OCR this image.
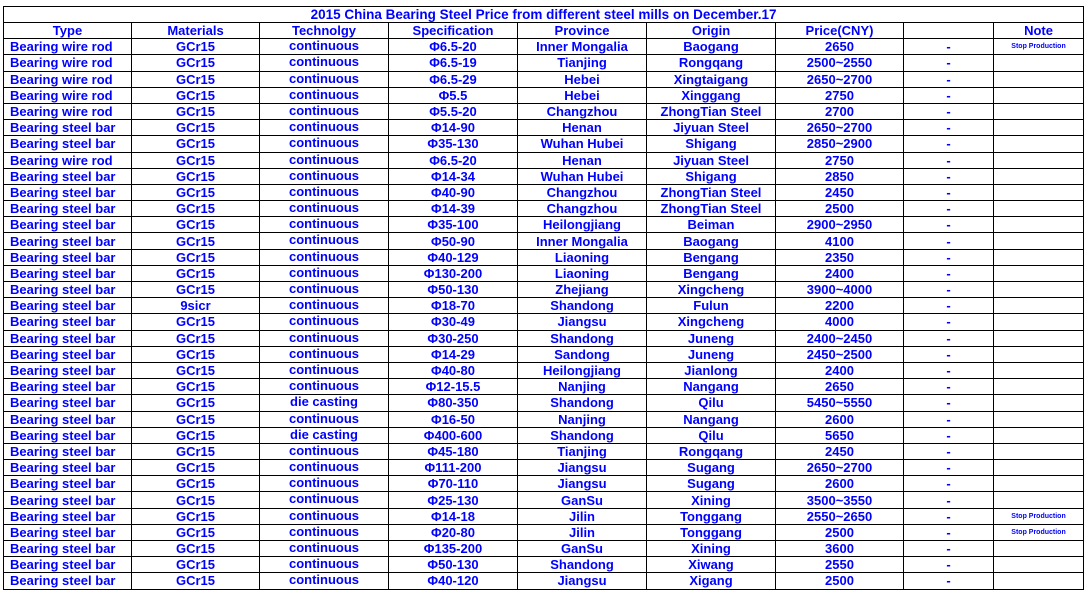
2015 China Bearing Steel Price from different steel mills on December.17								
Type	Materials	Technolgy	Specification	Province	Origin	Price(CNY)		Note
Bearing wire rod	GCr15	continuous	Φ6.5-20	Inner Mongalia	Baogang	2650	-	Stop Production
Bearing wire rod	GCr15	continuous	Φ6.5-19	Tianjing	Rongqang	2500~2550	-	
Bearing wire rod	GCr15	continuous	Φ6.5-29	Hebei	Xingtaigang	2650~2700	-	
Bearing wire rod	GCr15	continuous	Φ5.5	Hebei	Xinggang	2750	-	
Bearing wire rod	GCr15	continuous	Φ5.5-20	Changzhou	ZhongTian Steel	2700	-	
Bearing steel bar	GCr15	continuous	Φ14-90	Henan	Jiyuan Steel	2650~2700	-	
Bearing steel bar	GCr15	continuous	Φ35-130	Wuhan Hubei	Shigang	2850~2900	-	
Bearing wire rod	GCr15	continuous	Φ6.5-20	Henan	Jiyuan Steel	2750	-	
Bearing steel bar	GCr15	continuous	Φ14-34	Wuhan Hubei	Shigang	2850	-	
Bearing steel bar	GCr15	continuous	Φ40-90	Changzhou	ZhongTian Steel	2450	-	
Bearing steel bar	GCr15	continuous	Φ14-39	Changzhou	ZhongTian Steel	2500	-	
Bearing steel bar	GCr15	continuous	Φ35-100	Heilongjiang	Beiman	2900~2950	-	
Bearing steel bar	GCr15	continuous	Φ50-90	Inner Mongalia	Baogang	4100	-	
Bearing steel bar	GCr15	continuous	Φ40-129	Liaoning	Bengang	2350	-	
Bearing steel bar	GCr15	continuous	Φ130-200	Liaoning	Bengang	2400	-	
Bearing steel bar	GCr15	continuous	Φ50-130	Zhejiang	Xingcheng	3900~4000	-	
Bearing steel bar	9sicr	continuous	Φ18-70	Shandong	Fulun	2200	-	
Bearing steel bar	GCr15	continuous	Φ30-49	Jiangsu	Xingcheng	4000	-	
Bearing steel bar	GCr15	continuous	Φ30-250	Shandong	Juneng	2400~2450	-	
Bearing steel bar	GCr15	continuous	Φ14-29	Sandong	Juneng	2450~2500	-	
Bearing steel bar	GCr15	continuous	Φ40-80	Heilongjiang	Jianlong	2400	-	
Bearing steel bar	GCr15	continuous	Φ12-15.5	Nanjing	Nangang	2650	-	
Bearing steel bar	GCr15	die casting	Φ80-350	Shandong	Qilu	5450~5550	-	
Bearing steel bar	GCr15	continuous	Φ16-50	Nanjing	Nangang	2600	-	
Bearing steel bar	GCr15	die casting	Φ400-600	Shandong	Qilu	5650	-	
Bearing steel bar	GCr15	continuous	Φ45-180	Tianjing	Rongqang	2450	-	
Bearing steel bar	GCr15	continuous	Φ111-200	Jiangsu	Sugang	2650~2700	-	
Bearing steel bar	GCr15	continuous	Φ70-110	Jiangsu	Sugang	2600	-	
Bearing steel bar	GCr15	continuous	Φ25-130	GanSu	Xining	3500~3550	-	
Bearing steel bar	GCr15	continuous	Φ14-18	Jilin	Tonggang	2550~2650	-	Stop Production
Bearing steel bar	GCr15	continuous	Φ20-80	Jilin	Tonggang	2500	-	Stop Production
Bearing steel bar	GCr15	continuous	Φ135-200	GanSu	Xining	3600	-	
Bearing steel bar	GCr15	continuous	Φ50-130	Shandong	Xiwang	2550	-	
Bearing steel bar	GCr15	continuous	Φ40-120	Jiangsu	Xigang	2500	-	
